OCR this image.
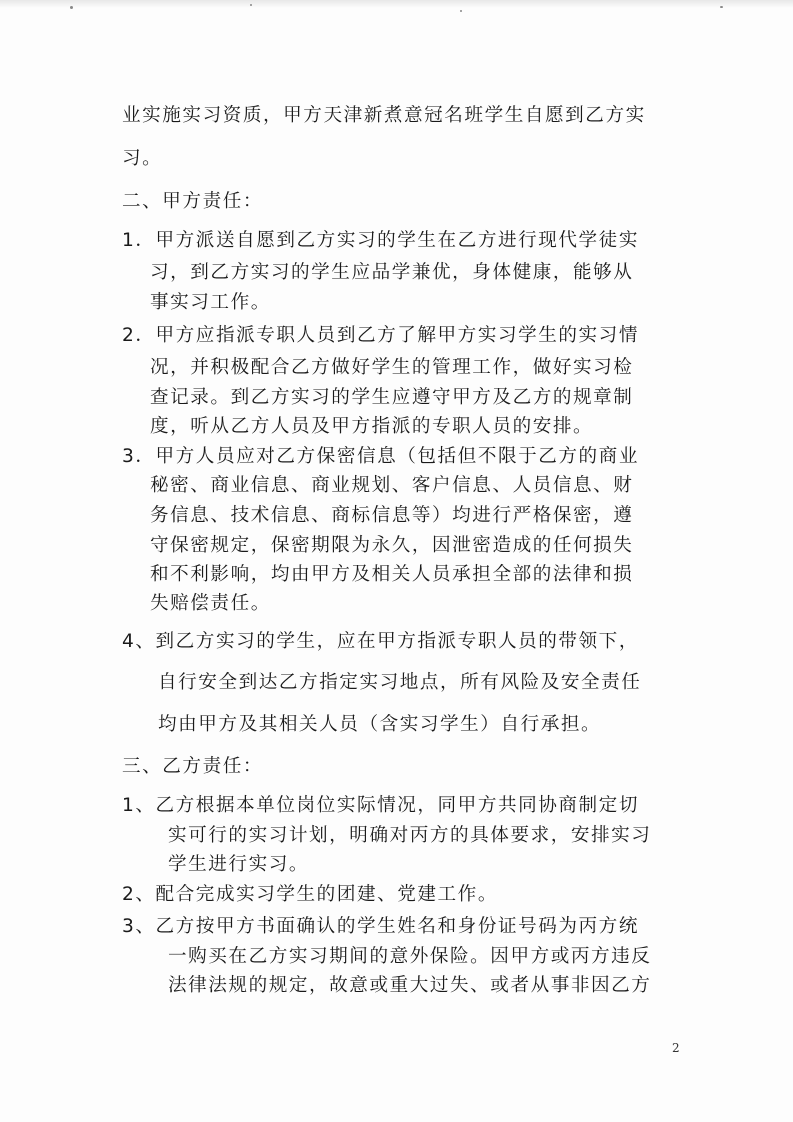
业实施实习资质，甲方天津新煮意冠名班学生自愿到乙方实
习。
二、甲方责任：
1．甲方派送自愿到乙方实习的学生在乙方进行现代学徒实
习，到乙方实习的学生应品学兼优，身体健康，能够从
事实习工作。
2．甲方应指派专职人员到乙方了解甲方实习学生的实习情
况，并积极配合乙方做好学生的管理工作，做好实习检
查记录。到乙方实习的学生应遵守甲方及乙方的规章制
度，听从乙方人员及甲方指派的专职人员的安排。
3．甲方人员应对乙方保密信息（包括但不限于乙方的商业
秘密、商业信息、商业规划、客户信息、人员信息、财
务信息、技术信息、商标信息等）均进行严格保密，遵
守保密规定，保密期限为永久，因泄密造成的任何损失
和不利影响，均由甲方及相关人员承担全部的法律和损
失赔偿责任。
4、到乙方实习的学生，应在甲方指派专职人员的带领下，
自行安全到达乙方指定实习地点，所有风险及安全责任
均由甲方及其相关人员（含实习学生）自行承担。
三、乙方责任：
1、乙方根据本单位岗位实际情况，同甲方共同协商制定切
实可行的实习计划，明确对丙方的具体要求，安排实习
学生进行实习。
2、配合完成实习学生的团建、党建工作。
3、乙方按甲方书面确认的学生姓名和身份证号码为丙方统
一购买在乙方实习期间的意外保险。因甲方或丙方违反
法律法规的规定，故意或重大过失、或者从事非因乙方
2
